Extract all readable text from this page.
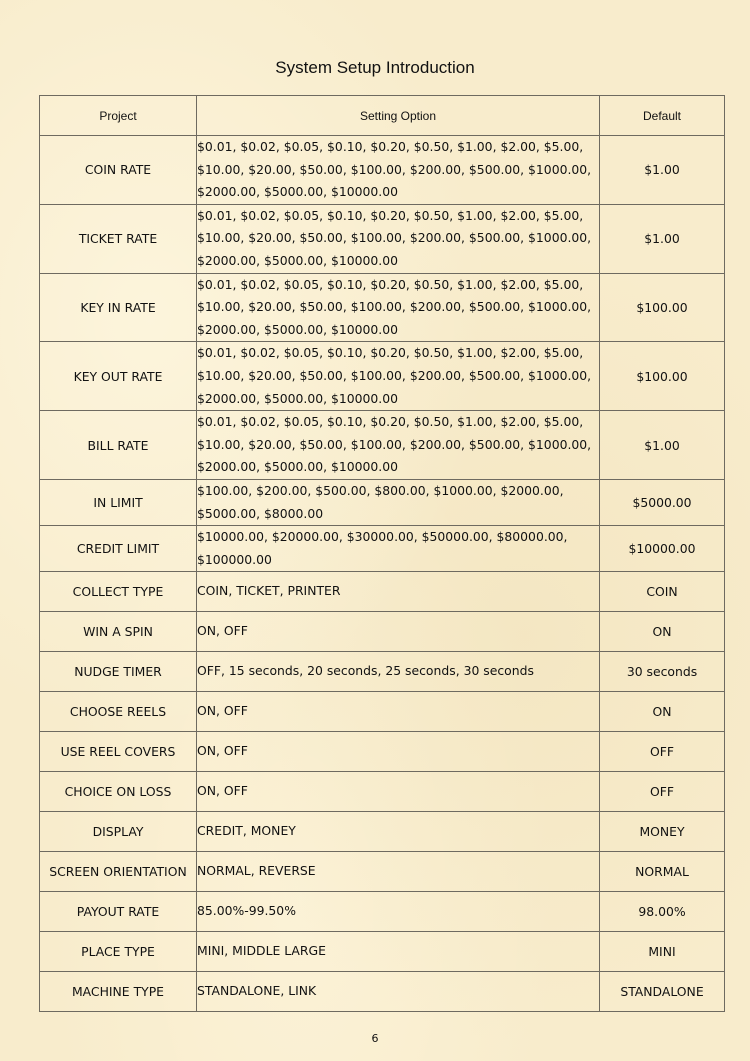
System Setup Introduction
Project	Setting Option	Default
COIN RATE	$0.01, $0.02, $0.05, $0.10, $0.20, $0.50, $1.00, $2.00, $5.00, $10.00, $20.00, $50.00, $100.00, $200.00, $500.00, $1000.00, $2000.00, $5000.00, $10000.00	$1.00
TICKET RATE	$0.01, $0.02, $0.05, $0.10, $0.20, $0.50, $1.00, $2.00, $5.00, $10.00, $20.00, $50.00, $100.00, $200.00, $500.00, $1000.00, $2000.00, $5000.00, $10000.00	$1.00
KEY IN RATE	$0.01, $0.02, $0.05, $0.10, $0.20, $0.50, $1.00, $2.00, $5.00, $10.00, $20.00, $50.00, $100.00, $200.00, $500.00, $1000.00, $2000.00, $5000.00, $10000.00	$100.00
KEY OUT RATE	$0.01, $0.02, $0.05, $0.10, $0.20, $0.50, $1.00, $2.00, $5.00, $10.00, $20.00, $50.00, $100.00, $200.00, $500.00, $1000.00, $2000.00, $5000.00, $10000.00	$100.00
BILL RATE	$0.01, $0.02, $0.05, $0.10, $0.20, $0.50, $1.00, $2.00, $5.00, $10.00, $20.00, $50.00, $100.00, $200.00, $500.00, $1000.00, $2000.00, $5000.00, $10000.00	$1.00
IN LIMIT	$100.00, $200.00, $500.00, $800.00, $1000.00, $2000.00, $5000.00, $8000.00	$5000.00
CREDIT LIMIT	$10000.00, $20000.00, $30000.00, $50000.00, $80000.00, $100000.00	$10000.00
COLLECT TYPE	COIN, TICKET, PRINTER	COIN
WIN A SPIN	ON, OFF	ON
NUDGE TIMER	OFF, 15 seconds, 20 seconds, 25 seconds, 30 seconds	30 seconds
CHOOSE REELS	ON, OFF	ON
USE REEL COVERS	ON, OFF	OFF
CHOICE ON LOSS	ON, OFF	OFF
DISPLAY	CREDIT, MONEY	MONEY
SCREEN ORIENTATION	NORMAL, REVERSE	NORMAL
PAYOUT RATE	85.00%-99.50%	98.00%
PLACE TYPE	MINI, MIDDLE LARGE	MINI
MACHINE TYPE	STANDALONE, LINK	STANDALONE
6
